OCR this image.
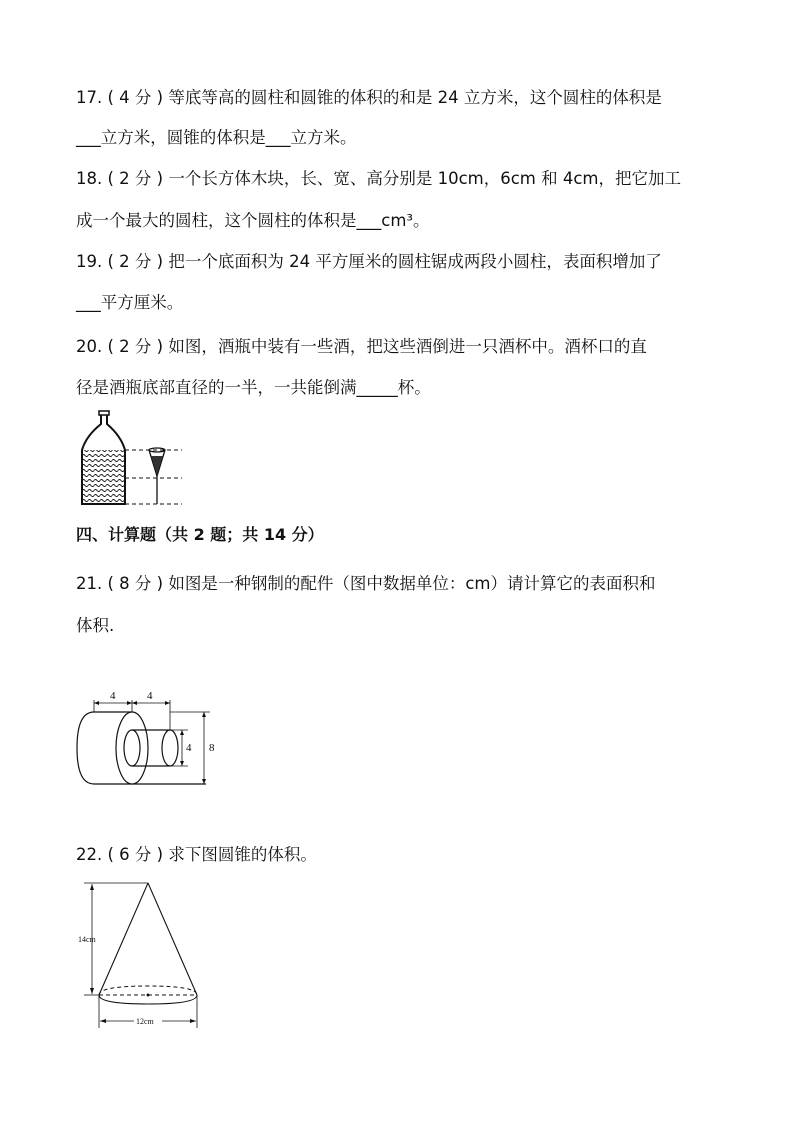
17. ( 4 分 ) 等底等高的圆柱和圆锥的体积的和是 24 立方米，这个圆柱的体积是
___立方米，圆锥的体积是___立方米。
18. ( 2 分 ) 一个长方体木块，长、宽、高分别是 10cm，6cm 和 4cm，把它加工
成一个最大的圆柱，这个圆柱的体积是___cm³。
19. ( 2 分 ) 把一个底面积为 24 平方厘米的圆柱锯成两段小圆柱，表面积增加了
___平方厘米。
20. ( 2 分 ) 如图，酒瓶中装有一些酒，把这些酒倒进一只酒杯中。酒杯口的直
径是酒瓶底部直径的一半，一共能倒满_____杯。
四、计算题（共 2 题；共 14 分）
21. ( 8 分 ) 如图是一种钢制的配件（图中数据单位：cm）请计算它的表面积和
体积.
4	4
4 8
22. ( 6 分 ) 求下图圆锥的体积。
14cm
12cm
